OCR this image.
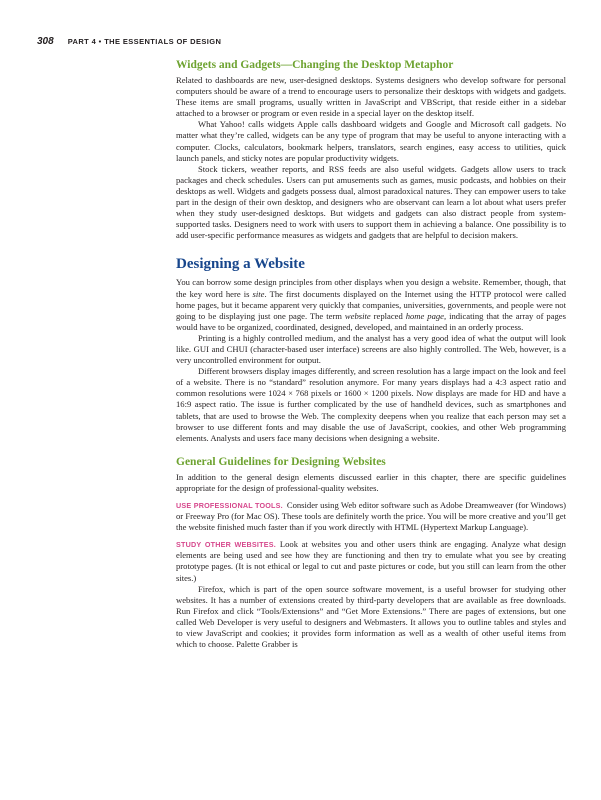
308 PART 4 • THE ESSENTIALS OF DESIGN
Widgets and Gadgets—Changing the Desktop Metaphor

Related to dashboards are new, user-designed desktops. Systems designers who develop software for personal computers should be aware of a trend to encourage users to personalize their desktops with widgets and gadgets. These items are small programs, usually written in JavaScript and VBScript, that reside either in a sidebar attached to a browser or program or even reside in a special layer on the desktop itself.

What Yahoo! calls widgets Apple calls dashboard widgets and Google and Microsoft call gadgets. No matter what they’re called, widgets can be any type of program that may be useful to anyone interacting with a computer. Clocks, calculators, bookmark helpers, translators, search engines, easy access to utilities, quick launch panels, and sticky notes are popular productivity widgets.

Stock tickers, weather reports, and RSS feeds are also useful widgets. Gadgets allow users to track packages and check schedules. Users can put amusements such as games, music podcasts, and hobbies on their desktops as well. Widgets and gadgets possess dual, almost paradoxical natures. They can empower users to take part in the design of their own desktop, and designers who are observant can learn a lot about what users prefer when they study user-designed desktops. But widgets and gadgets can also distract people from system-supported tasks. Designers need to work with users to support them in achieving a balance. One possibility is to add user-specific performance measures as widgets and gadgets that are helpful to decision makers.

Designing a Website

You can borrow some design principles from other displays when you design a website. Remember, though, that the key word here is site. The first documents displayed on the Internet using the HTTP protocol were called home pages, but it became apparent very quickly that companies, universities, governments, and people were not going to be displaying just one page. The term website replaced home page, indicating that the array of pages would have to be organized, coordinated, designed, developed, and maintained in an orderly process.

Printing is a highly controlled medium, and the analyst has a very good idea of what the output will look like. GUI and CHUI (character-based user interface) screens are also highly controlled. The Web, however, is a very uncontrolled environment for output.

Different browsers display images differently, and screen resolution has a large impact on the look and feel of a website. There is no “standard” resolution anymore. For many years displays had a 4:3 aspect ratio and common resolutions were 1024 × 768 pixels or 1600 × 1200 pixels. Now displays are made for HD and have a 16:9 aspect ratio. The issue is further complicated by the use of handheld devices, such as smartphones and tablets, that are used to browse the Web. The complexity deepens when you realize that each person may set a browser to use different fonts and may disable the use of JavaScript, cookies, and other Web programming elements. Analysts and users face many decisions when designing a website.

General Guidelines for Designing Websites

In addition to the general design elements discussed earlier in this chapter, there are specific guidelines appropriate for the design of professional-quality websites.

USE PROFESSIONAL TOOLS. Consider using Web editor software such as Adobe Dreamweaver (for Windows) or Freeway Pro (for Mac OS). These tools are definitely worth the price. You will be more creative and you’ll get the website finished much faster than if you work directly with HTML (Hypertext Markup Language).

STUDY OTHER WEBSITES. Look at websites you and other users think are engaging. Analyze what design elements are being used and see how they are functioning and then try to emulate what you see by creating prototype pages. (It is not ethical or legal to cut and paste pictures or code, but you still can learn from the other sites.)

Firefox, which is part of the open source software movement, is a useful browser for studying other websites. It has a number of extensions created by third-party developers that are available as free downloads. Run Firefox and click “Tools/Extensions” and “Get More Extensions.” There are pages of extensions, but one called Web Developer is very useful to designers and Webmasters. It allows you to outline tables and styles and to view JavaScript and cookies; it provides form information as well as a wealth of other useful items from which to choose. Palette Grabber is
